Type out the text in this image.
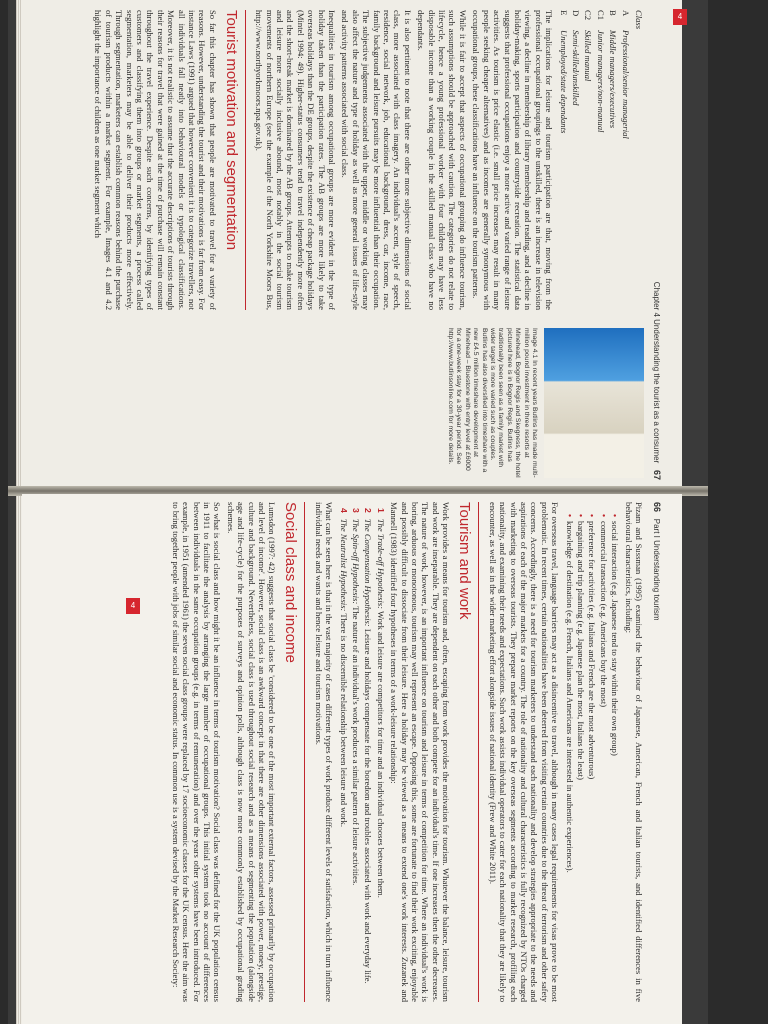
Chapter 4 Understanding the tourist as a consumer   67
Class
AProfessional/senior managerial
BMiddle managers/executives
C1Junior managers/non-manual
C2Skilled manual
DSemi-skilled/unskilled
EUnemployed/state dependants

The implications for leisure and tourism participation are that, moving from the professional occupational groupings to the unskilled, there is an increase in television viewing, a decline in membership of library membership and reading, and a decline in holiday-making, sports participation and countryside recreation. The statistical data suggests that professional occupations enjoy a more active and varied range of leisure activities. As tourism is price elastic (i.e. small price increases may result in many people seeking cheaper alternatives) and as incomes are generally synonymous with occupational groups, these classifications have an influence on the tourism patterns.

While it is fair to accept that aspects of occupational grouping do influence tourism, such assumptions should be approached with caution. The categories do not relate to lifecycle, hence a young professional worker with four children may have less disposable income than a working couple in the skilled manual class who have no dependants.

It is also pertinent to note that there are other more subjective dimensions of social class, more associated with class imagery. An individual's accent, style of speech, residence, social network, job, educational background, dress, car, income, race, family background and leisure pursuits may be more influential than their occupation. The subjective judgements associated with the upper, middle or working classes may also affect the nature and type of holiday as well as more general issues of life-style and activity patterns associated with social class.

Inequalities in tourism among occupational groups are more evident in the type of holiday taken than the participation rates. The AB groups are more likely to take overseas holidays than the DE groups, despite the existence of cheap package holidays (Mintel 1994: 49). Higher-status consumers tend to travel independently more often and the short-break market is dominated by the AB groups. Attempts to make tourism and leisure more socially inclusive abound, most notably in the social tourism movements of northern Europe (see the example of the North Yorkshire Moors Bus, http://www.northyorkmoors.npa.gov.uk).

Tourist motivation and segmentation

So far this chapter has shown that people are motivated to travel for a variety of reasons. However, understanding the tourist and their motivations is far from easy. For instance Laws (1991) argued that however convenient it is to categorize travellers, not all individuals fall neatly into behavioural models or typological classifications. Moreover, it is not realistic to assume that the accurate descriptions of tourists through their reasons for travel that were gained at the time of purchase will remain constant throughout the travel experience. Despite such concerns, by identifying types of customers and classifying them into groups or market segments, a process called segmentation, marketers may be able to deliver their products more effectively. Through segmentation, marketers can establish common reasons behind the purchase of tourism products within a market segment. For example, Images 4.1 and 4.2 highlight the importance of children as one market segment which

Image 4.1 In recent years Butlins has made multi-million pound investment in three resorts at Minehead, Bognor Regis and Skegness, the hotel pictured here is in Bognor Regis. Butlins has traditionally been seen as a family market with wider target is more varied such as couples. Butlins has also diversified into timeshare with a new £4.5 million timeshare development at Minehead – Bluestone with entry level at £6000 for a one-week stay for a 30-year period. See http://www.butlinsonline.com for more details.
4
66   Part I Understanding tourism

Pizam and Sussman (1995) examined the behaviour of Japanese, American, French and Italian tourists, and identified differences in five behavioural characteristics, including:

•social interaction (e.g. Japanese tend to stay within their own group)
•commercial transaction (e.g. Americans buy the most)
•preference for activities (e.g. Italians and French are the most adventurous)
•bargaining and trip planning (e.g. Japanese plan the most, Italians the least)
•knowledge of destination (e.g. French, Italians and Americans are interested in authentic experiences).

For overseas travel, language barriers may act as a disincentive to travel, although in many cases legal requirements for visas prove to be most problematic. In recent times, certain nationalities have been deterred from visiting certain countries due to the threat of terrorism and other safety concerns. Accordingly, there is a need for tourism marketers to understand each nationality and develop strategies appropriate to the needs and aspirations of each of the major markets for a country. The role of nationality and cultural characteristics is fully recognized by NTOs charged with marketing to overseas tourists. They prepare market reports on the key overseas segments according to market research, profiling each nationality, and examining their needs and expectations. Such work assists individual operators to cater for each nationality that they are likely to encounter, as well as in the wider marketing effort alongside issues of national identity (Frew and White 2011).

Tourism and work

Work provides a means for tourism and, often, escaping from work provides the motivation for tourism. Whatever the balance, leisure, tourism and work are inseparable. They are dependent on each other and both compete for an individual's time. If one increases then the other decreases. The nature of work, however, is an important influence on tourism and leisure in terms of competition for time. Where an individual's work is boring, arduous or monotonous, tourism may well represent an escape. Opposing this, some are fortunate to find their work exciting, enjoyable and possibly difficult to dissociate from their leisure. Here a holiday may be viewed as a means to extend one's work interests. Zuzanek and Mannell (1983) identified four hypotheses in terms of a work-leisure relationship:

1The Trade-off Hypothesis: Work and leisure are competitors for time and an individual chooses between them.
2The Compensation Hypothesis: Leisure and holidays compensate for the boredom and troubles associated with work and everyday life.
3The Spin-off Hypothesis: The nature of an individual's work produces a similar pattern of leisure activities.
4The Neutralist Hypothesis: There is no discernible relationship between leisure and work.

What can be seen here is that in the vast majority of cases different types of work produce different levels of satisfaction, which in turn influence individual needs and wants and hence leisure and tourism motivations.

Social class and income

Lumsdon (1997: 42) suggests that social class be 'considered to be one of the most important external factors, assessed primarily by occupation and level of income'. However, social class is an awkward concept in that there are other dimensions associated with power, money, prestige, culture and background. Nevertheless, social class is used throughout social research and as a means of segmenting the population (alongside age and life-cycle) for the purposes of surveys and opinion polls, although class is now more commonly established by occupational grading schemes.

So what is social class and how might it be an influence in terms of tourism motivation? Social class was defined for the UK population census in 1911 to facilitate the analysis by arranging the large number of occupational groups. This initial system took no account of differences between individuals in the same occupation groups (e.g. in terms of remuneration) and over the years other systems have been introduced. For example, in 1951 (amended 1961) the seven social class groups were replaced by 17 socioeconomic classes for the UK census. Here the aim was to bring together people with jobs of similar social and economic status. In common use is a system devised by the Market Research Society:

4
